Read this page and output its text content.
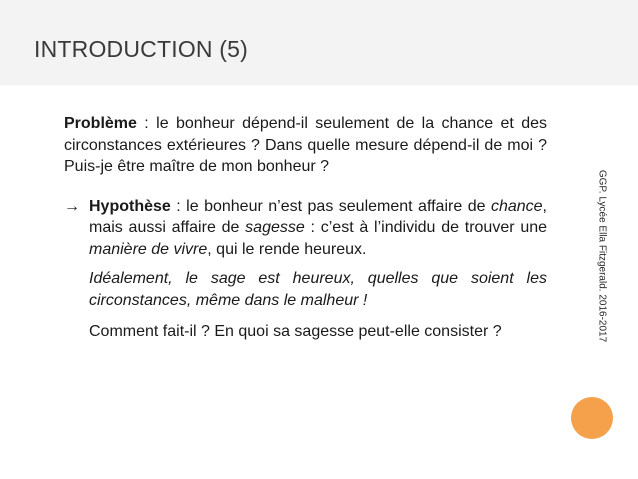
INTRODUCTION (5)

Problème : le bonheur dépend-il seulement de la chance et des circonstances extérieures ? Dans quelle mesure dépend-il de moi ? Puis-je être maître de mon bonheur ?

→ Hypothèse : le bonheur n’est pas seulement affaire de chance, mais aussi affaire de sagesse : c’est à l’individu de trouver une manière de vivre, qui le rende heureux.

Idéalement, le sage est heureux, quelles que soient les circonstances, même dans le malheur !

Comment fait-il ? En quoi sa sagesse peut-elle consister ?	GGP. Lycée Ella Fitzgerald. 2016-2017
